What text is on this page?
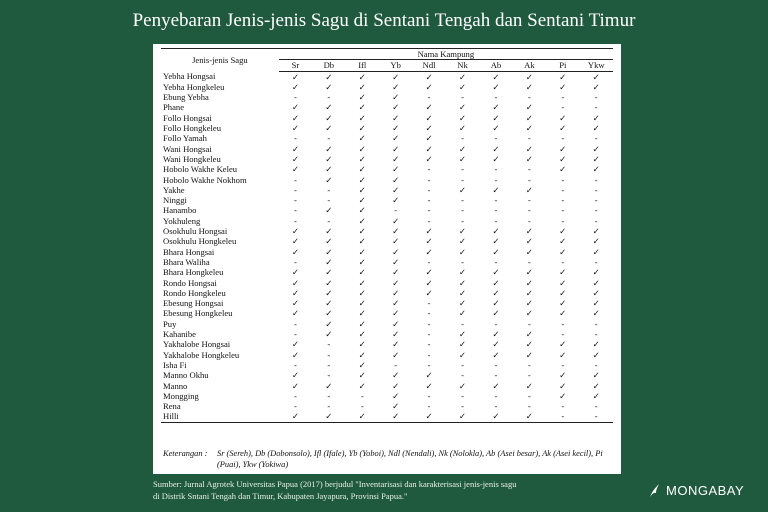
Penyebaran Jenis-jenis Sagu di Sentani Tengah dan Sentani Timur
Jenis-jenis Sagu	Nama Kampung									
	Sr	Db	Ifl	Yb	Ndl	Nk	Ab	Ak	Pi	Ykw
Yebha Hongsai	✓	✓	✓	✓	✓	✓	✓	✓	✓	✓
Yebha Hongkeleu	✓	✓	✓	✓	✓	✓	✓	✓	✓	✓
Ebung Yebha	-	-	✓	✓	-	-	-	-	-	-
Phane	✓	✓	✓	✓	✓	✓	✓	✓	-	-
Follo Hongsai	✓	✓	✓	✓	✓	✓	✓	✓	✓	✓
Follo Hongkeleu	✓	✓	✓	✓	✓	✓	✓	✓	✓	✓
Follo Yamah	-	-	✓	✓	✓	-	-	-	-	-
Wani Hongsai	✓	✓	✓	✓	✓	✓	✓	✓	✓	✓
Wani Hongkeleu	✓	✓	✓	✓	✓	✓	✓	✓	✓	✓
Hobolo Wakhe Keleu	✓	✓	✓	✓	-	-	-	-	✓	✓
Hobolo Wakhe Nokhom	-	✓	✓	✓	-	-	-	-	-	-
Yakhe	-	-	✓	✓	-	✓	✓	✓	-	-
Ninggi	-	-	✓	✓	-	-	-	-	-	-
Hanambo	-	✓	✓	-	-	-	-	-	-	-
Yokhuleng	-	-	✓	✓	-	-	-	-	-	-
Osokhulu Hongsai	✓	✓	✓	✓	✓	✓	✓	✓	✓	✓
Osokhulu Hongkeleu	✓	✓	✓	✓	✓	✓	✓	✓	✓	✓
Bhara Hongsai	✓	✓	✓	✓	✓	✓	✓	✓	✓	✓
Bhara Waliha	-	✓	✓	✓	-	-	-	-	-	-
Bhara Hongkeleu	✓	✓	✓	✓	✓	✓	✓	✓	✓	✓
Rondo Hongsai	✓	✓	✓	✓	✓	✓	✓	✓	✓	✓
Rondo Hongkeleu	✓	✓	✓	✓	✓	✓	✓	✓	✓	✓
Ebesung Hongsai	✓	✓	✓	✓	-	✓	✓	✓	✓	✓
Ebesung Hongkeleu	✓	✓	✓	✓	-	✓	✓	✓	✓	✓
Puy	-	✓	✓	✓	-	-	-	-	-	-
Kahanibe	-	✓	✓	✓	-	✓	✓	✓	-	-
Yakhalobe Hongsai	✓	-	✓	✓	-	✓	✓	✓	✓	✓
Yakhalobe Hongkeleu	✓	-	✓	✓	-	✓	✓	✓	✓	✓
Isha Fi	-	-	✓	-	-	-	-	-	-	-
Manno Okhu	✓	-	✓	✓	✓	-	-	-	✓	✓
Manno	✓	✓	✓	✓	✓	✓	✓	✓	✓	✓
Mongging	-	-	-	✓	-	-	-	-	✓	✓
Rena	-	-	-	✓	-	-	-	-	-	-
Hilli	✓	✓	✓	✓	✓	✓	✓	✓	-	-
Keterangan :	Sr (Sereh), Db (Dobonsolo), Ifl (Ifale), Yb (Yoboi), Ndl (Nendali), Nk (Nolokla), Ab (Asei besar), Ak (Asei kecil), Pi (Puai), Ykw (Yokiwa)
Sumber: Jurnal Agrotek Universitas Papua (2017) berjudul "Inventarisasi dan karakterisasi jenis-jenis sagu
di Distrik Sntani Tengah dan Timur, Kabupaten Jayapura, Provinsi Papua."	MONGABAY
